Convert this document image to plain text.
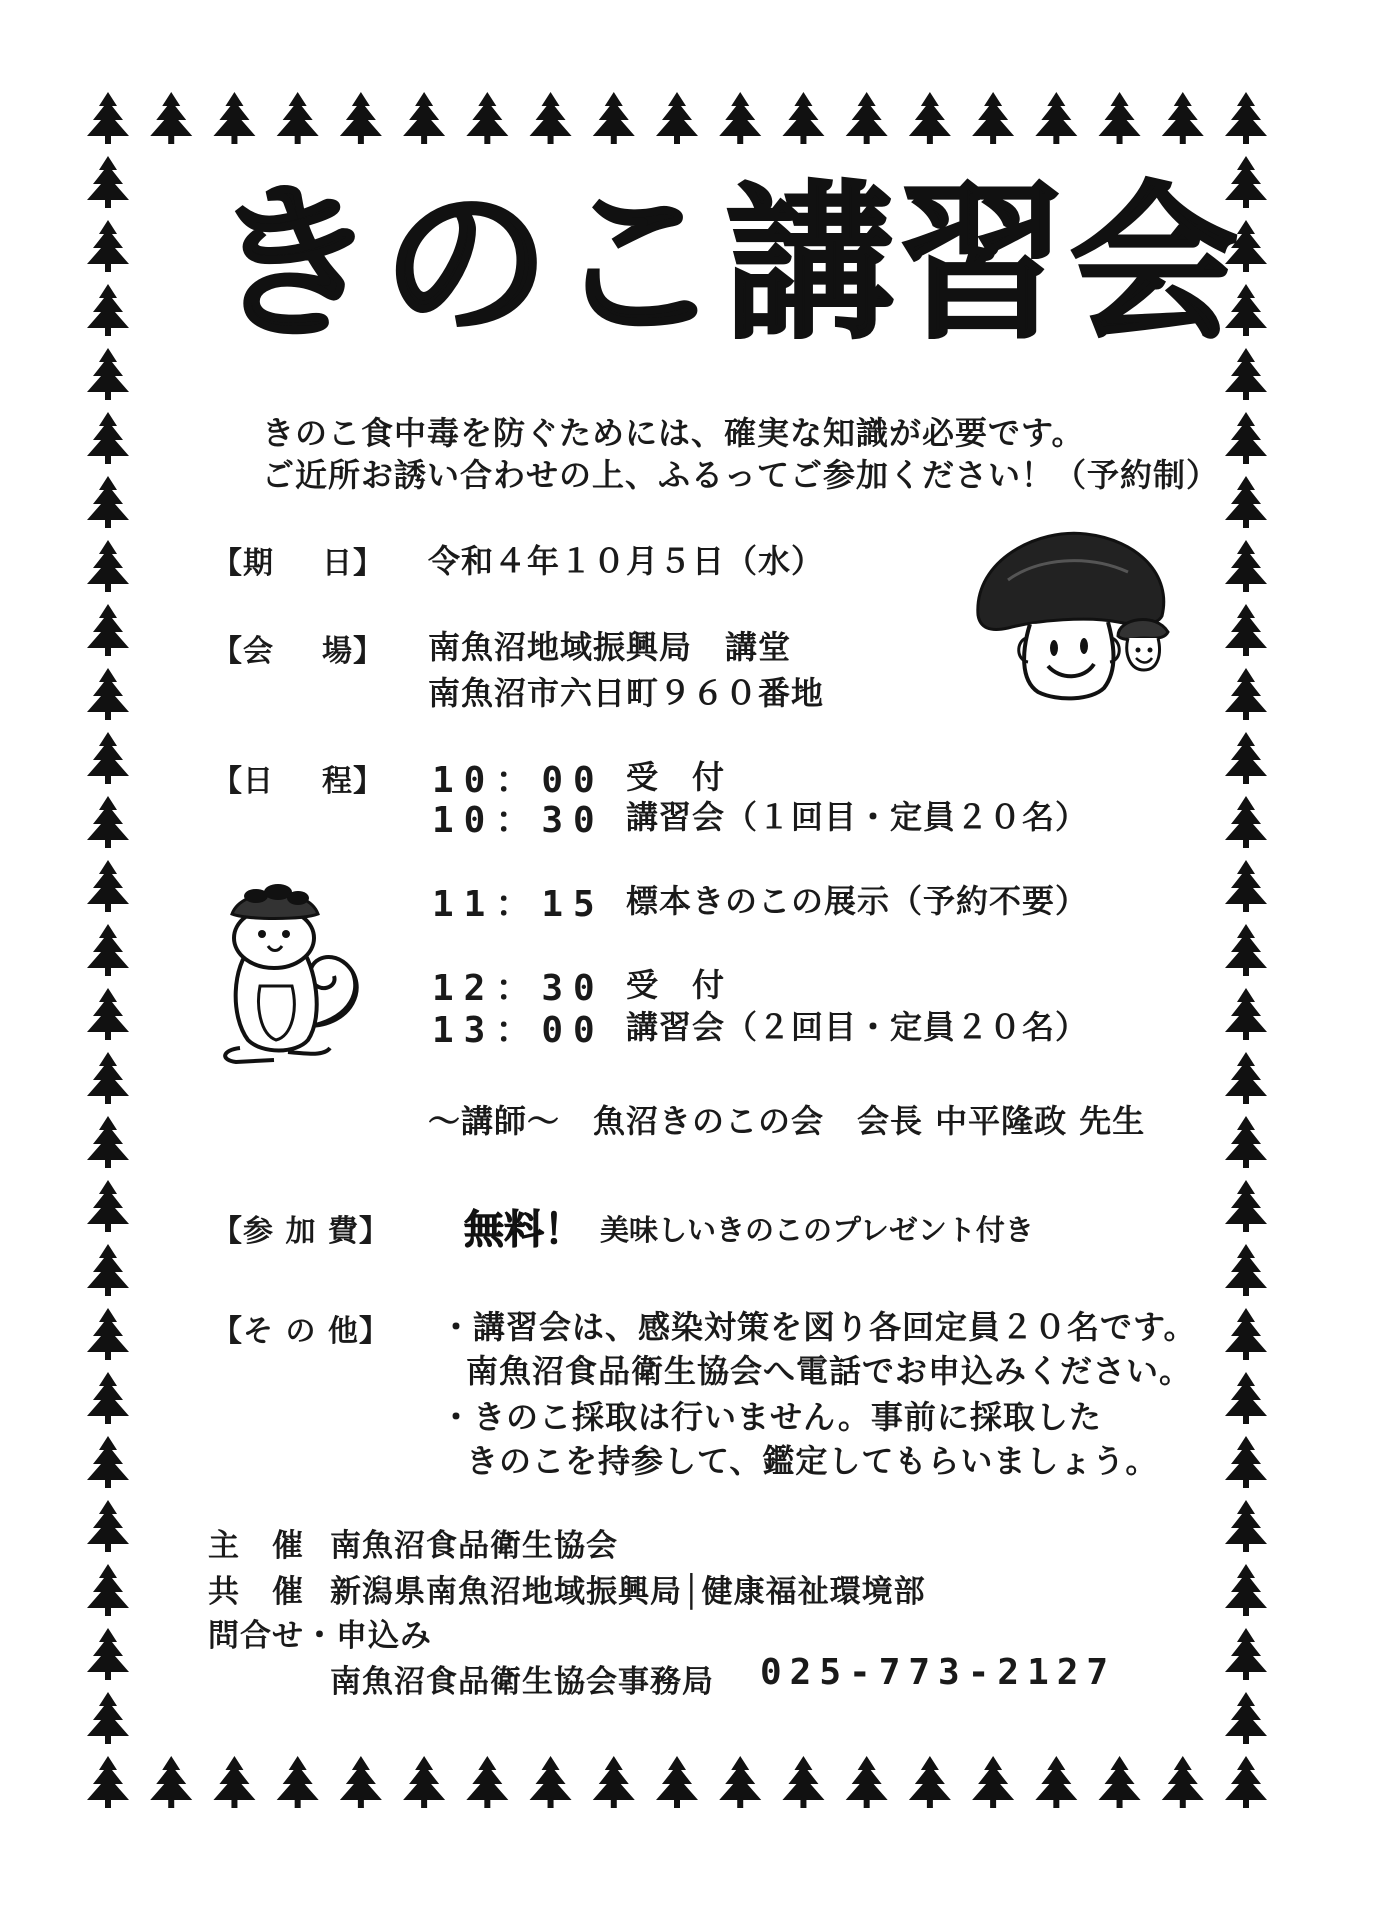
きのこ講習会
きのこ食中毒を防ぐためには、確実な知識が必要です。
ご近所お誘い合わせの上、ふるってご参加ください！（予約制）
【期 日】 令和４年１０月５日（水）
【会 場】 南魚沼地域振興局　講堂
南魚沼市六日町９６０番地
【日 程】 10：00 受　付
10：30 講習会（１回目・定員２０名）
11：15 標本きのこの展示（予約不要）
12：30 受　付
13：00 講習会（２回目・定員２０名）
～講師～　魚沼きのこの会　会長 中平隆政 先生
【参 加 費】 無料！ 美味しいきのこのプレゼント付き
【そ の 他】 ・講習会は、感染対策を図り各回定員２０名です。
南魚沼食品衛生協会へ電話でお申込みください。
・きのこ採取は行いません。事前に採取した
きのこを持参して、鑑定してもらいましょう。
主　催 南魚沼食品衛生協会
共　催 新潟県南魚沼地域振興局│健康福祉環境部
問合せ・申込み
南魚沼食品衛生協会事務局 025-773-2127
